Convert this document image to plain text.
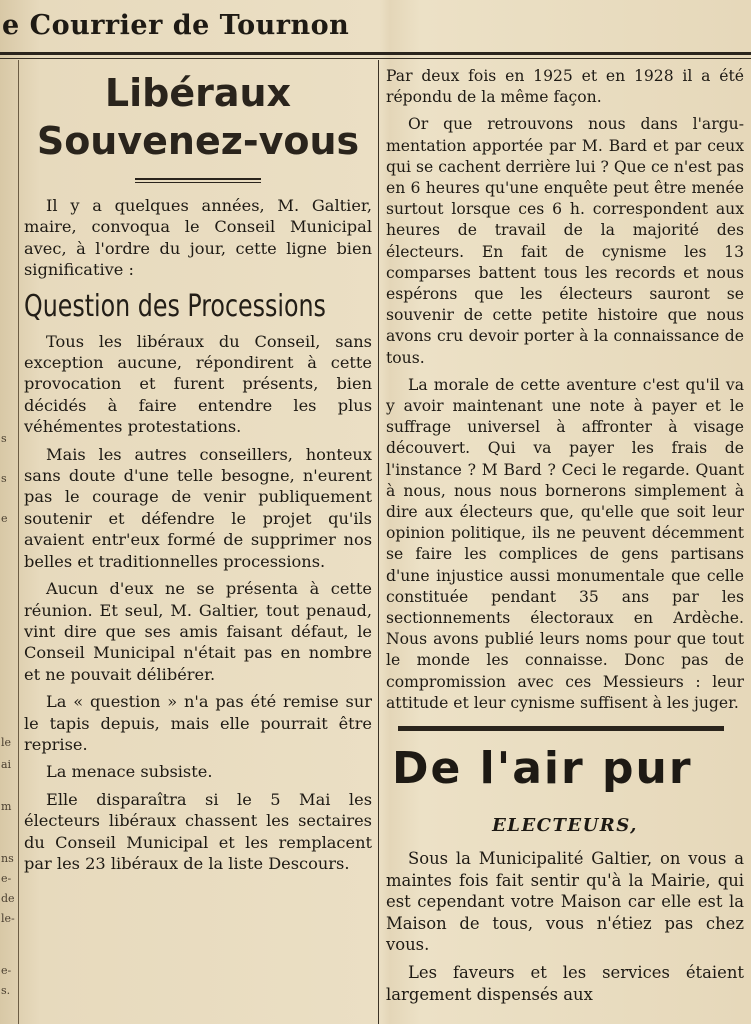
e Courrier de Tournon
s
s
e
le
ai
m
ns
e-
de
le-
e-
s.
Libéraux
Souvenez-vous

Il y a quelques années, M. Galtier, maire, convoqua le Conseil Municipal avec, à l'ordre du jour, cette ligne bien significative :

Question des Processions

Tous les libéraux du Conseil, sans exception aucune, répondirent à cette provocation et furent présents, bien décidés à faire entendre les plus véhémentes protestations.

Mais les autres conseillers, honteux sans doute d'une telle besogne, n'eurent pas le courage de venir publiquement soutenir et défendre le projet qu'ils avaient entr'eux formé de supprimer nos belles et traditionnelles processions.

Aucun d'eux ne se présenta à cette réunion. Et seul, M. Galtier, tout penaud, vint dire que ses amis faisant défaut, le Conseil Municipal n'était pas en nombre et ne pouvait délibérer.

La « question » n'a pas été remise sur le tapis depuis, mais elle pourrait être reprise.

La menace subsiste.

Elle disparaîtra si le 5 Mai les électeurs libéraux chassent les sectaires du Conseil Municipal et les remplacent par les 23 libéraux de la liste Descours.

Par deux fois en 1925 et en 1928 il a été répondu de la même façon.

Or que retrouvons nous dans l'argumentation apportée par M. Bard et par ceux qui se cachent derrière lui ? Que ce n'est pas en 6 heures qu'une enquête peut être menée surtout lorsque ces 6 h. correspondent aux heures de travail de la majorité des électeurs. En fait de cynisme les 13 comparses battent tous les records et nous espérons que les électeurs sauront se souvenir de cette petite histoire que nous avons cru devoir porter à la connaissance de tous.

La morale de cette aventure c'est qu'il va y avoir maintenant une note à payer et le suffrage universel à affronter à visage découvert. Qui va payer les frais de l'instance ? M Bard ? Ceci le regarde. Quant à nous, nous nous bornerons simplement à dire aux électeurs que, qu'elle que soit leur opinion politique, ils ne peuvent décemment se faire les complices de gens partisans d'une injustice aussi monumentale que celle constituée pendant 35 ans par les sectionnements électoraux en Ardèche. Nous avons publié leurs noms pour que tout le monde les connaisse. Donc pas de compromission avec ces Messieurs : leur attitude et leur cynisme suffisent à les juger.

De l'air pur
ELECTEURS,

Sous la Municipalité Galtier, on vous a maintes fois fait sentir qu'à la Mairie, qui est cependant votre Maison car elle est la Maison de tous, vous n'étiez pas chez vous.

Les faveurs et les services étaient largement dispensés aux
